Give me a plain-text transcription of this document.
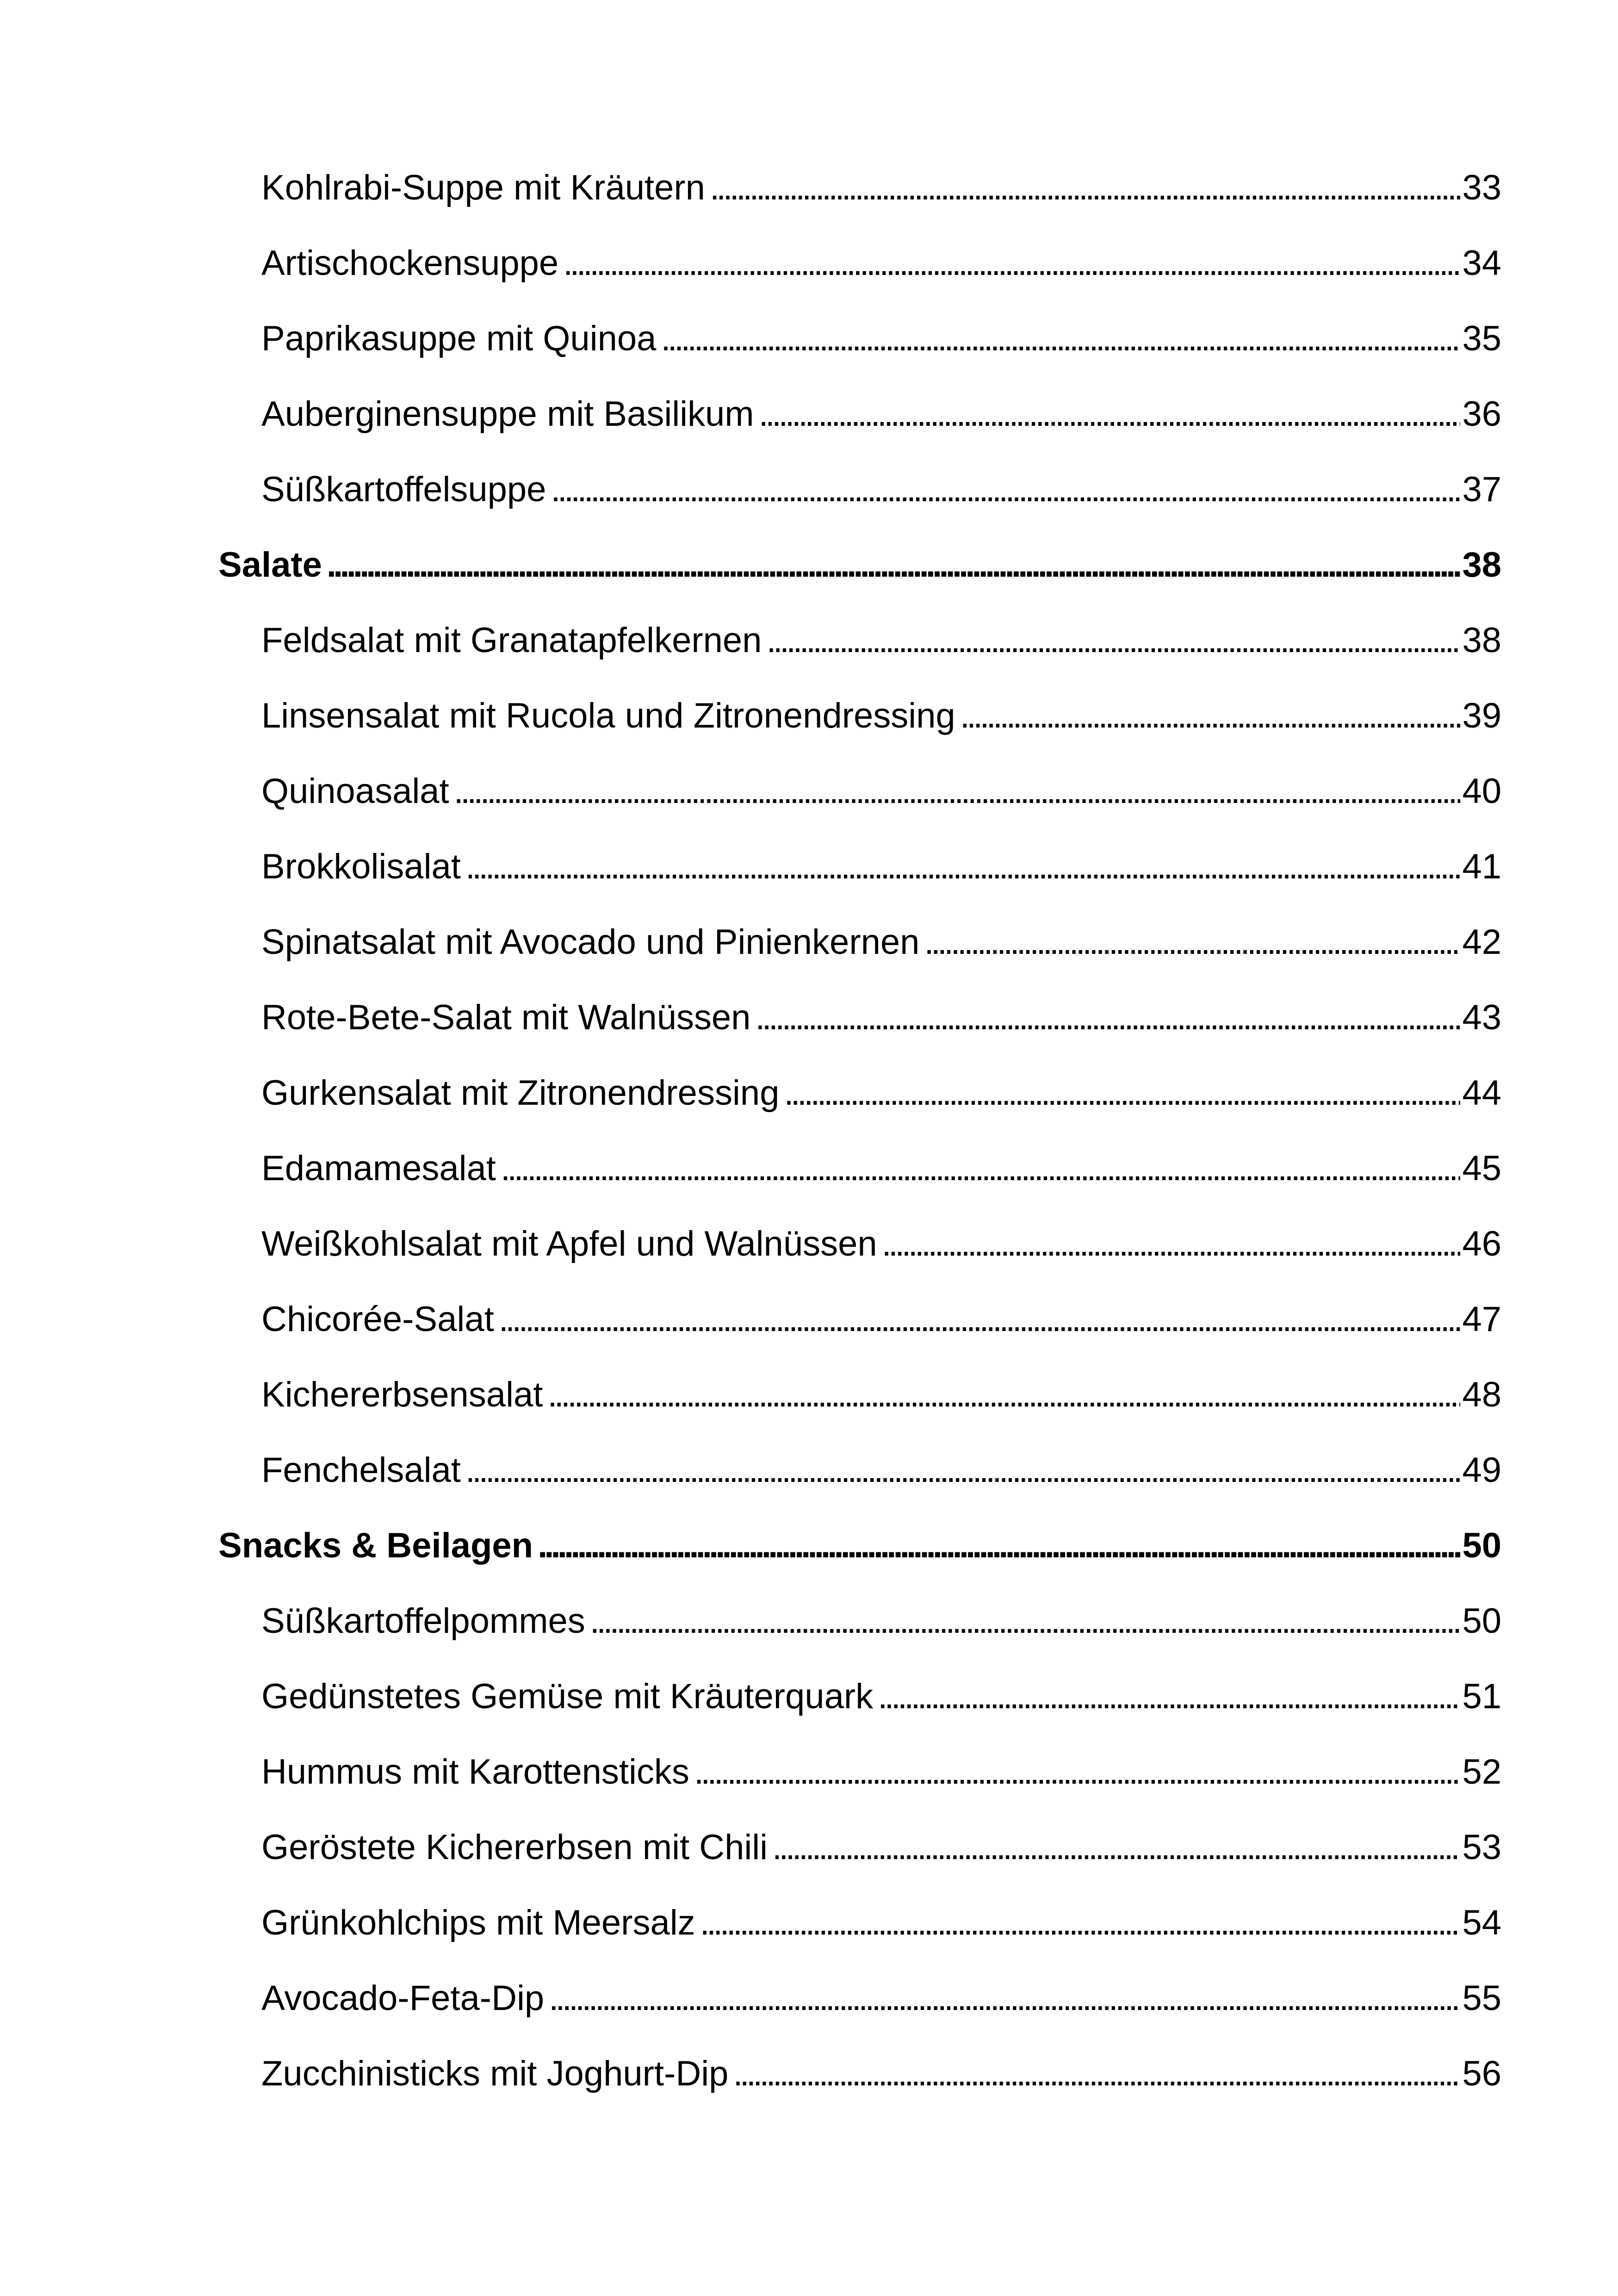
Kohlrabi-Suppe mit Kräutern . . .	33
Artischockensuppe . . .	34
Paprikasuppe mit Quinoa . . .	35
Auberginensuppe mit Basilikum . . .	36
Süßkartoffelsuppe . . .	37
Salate . . .	38
Feldsalat mit Granatapfelkernen . . .	38
Linsensalat mit Rucola und Zitronendressing . . .	39
Quinoasalat . . .	40
Brokkolisalat . . .	41
Spinatsalat mit Avocado und Pinienkernen . . .	42
Rote-Bete-Salat mit Walnüssen . . .	43
Gurkensalat mit Zitronendressing . . .	44
Edamamesalat . . .	45
Weißkohlsalat mit Apfel und Walnüssen . . .	46
Chicorée-Salat . . .	47
Kichererbsensalat . . .	48
Fenchelsalat . . .	49
Snacks & Beilagen . . .	50
Süßkartoffelpommes . . .	50
Gedünstetes Gemüse mit Kräuterquark . . .	51
Hummus mit Karottensticks . . .	52
Geröstete Kichererbsen mit Chili . . .	53
Grünkohlchips mit Meersalz . . .	54
Avocado-Feta-Dip . . .	55
Zucchinisticks mit Joghurt-Dip . . .	56
